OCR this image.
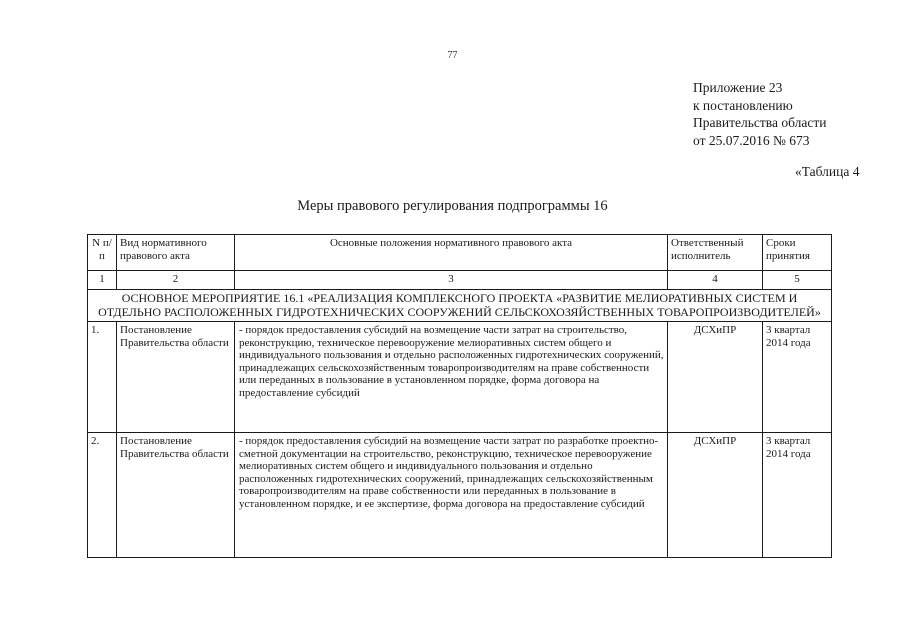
77
Приложение 23
к постановлению
Правительства области
от 25.07.2016 № 673
«Таблица 4
Меры правового регулирования подпрограммы 16
N п/п	Вид нормативного правового акта	Основные положения нормативного правового акта	Ответственный исполнитель	Сроки принятия
1	2	3	4	5
ОСНОВНОЕ МЕРОПРИЯТИЕ 16.1 «РЕАЛИЗАЦИЯ КОМПЛЕКСНОГО ПРОЕКТА «РАЗВИТИЕ МЕЛИОРАТИВНЫХ СИСТЕМ И ОТДЕЛЬНО РАСПОЛОЖЕННЫХ ГИДРОТЕХНИЧЕСКИХ СООРУЖЕНИЙ СЕЛЬСКОХОЗЯЙСТВЕННЫХ ТОВАРОПРОИЗВОДИТЕЛЕЙ»				
1.	Постановление Правительства области	- порядок предоставления субсидий на возмещение части затрат на строительство, реконструкцию, техническое перевооружение мелиоративных систем общего и индивидуального пользования и отдельно расположенных гидротехнических сооружений, принадлежащих сельскохозяйственным товаропроизводителям на праве собственности или переданных в пользование в установленном порядке, форма договора на предоставление субсидий	ДСХиПР	3 квартал 2014 года
2.	Постановление Правительства области	- порядок предоставления субсидий на возмещение части затрат по разработке проектно-сметной документации на строительство, реконструкцию, техническое перевооружение мелиоративных систем общего и индивидуального пользования и отдельно расположенных гидротехнических сооружений, принадлежащих сельскохозяйственным товаропроизводителям на праве собственности или переданных в пользование в установленном порядке, и ее экспертизе, форма договора на предоставление субсидий	ДСХиПР	3 квартал 2014 года
